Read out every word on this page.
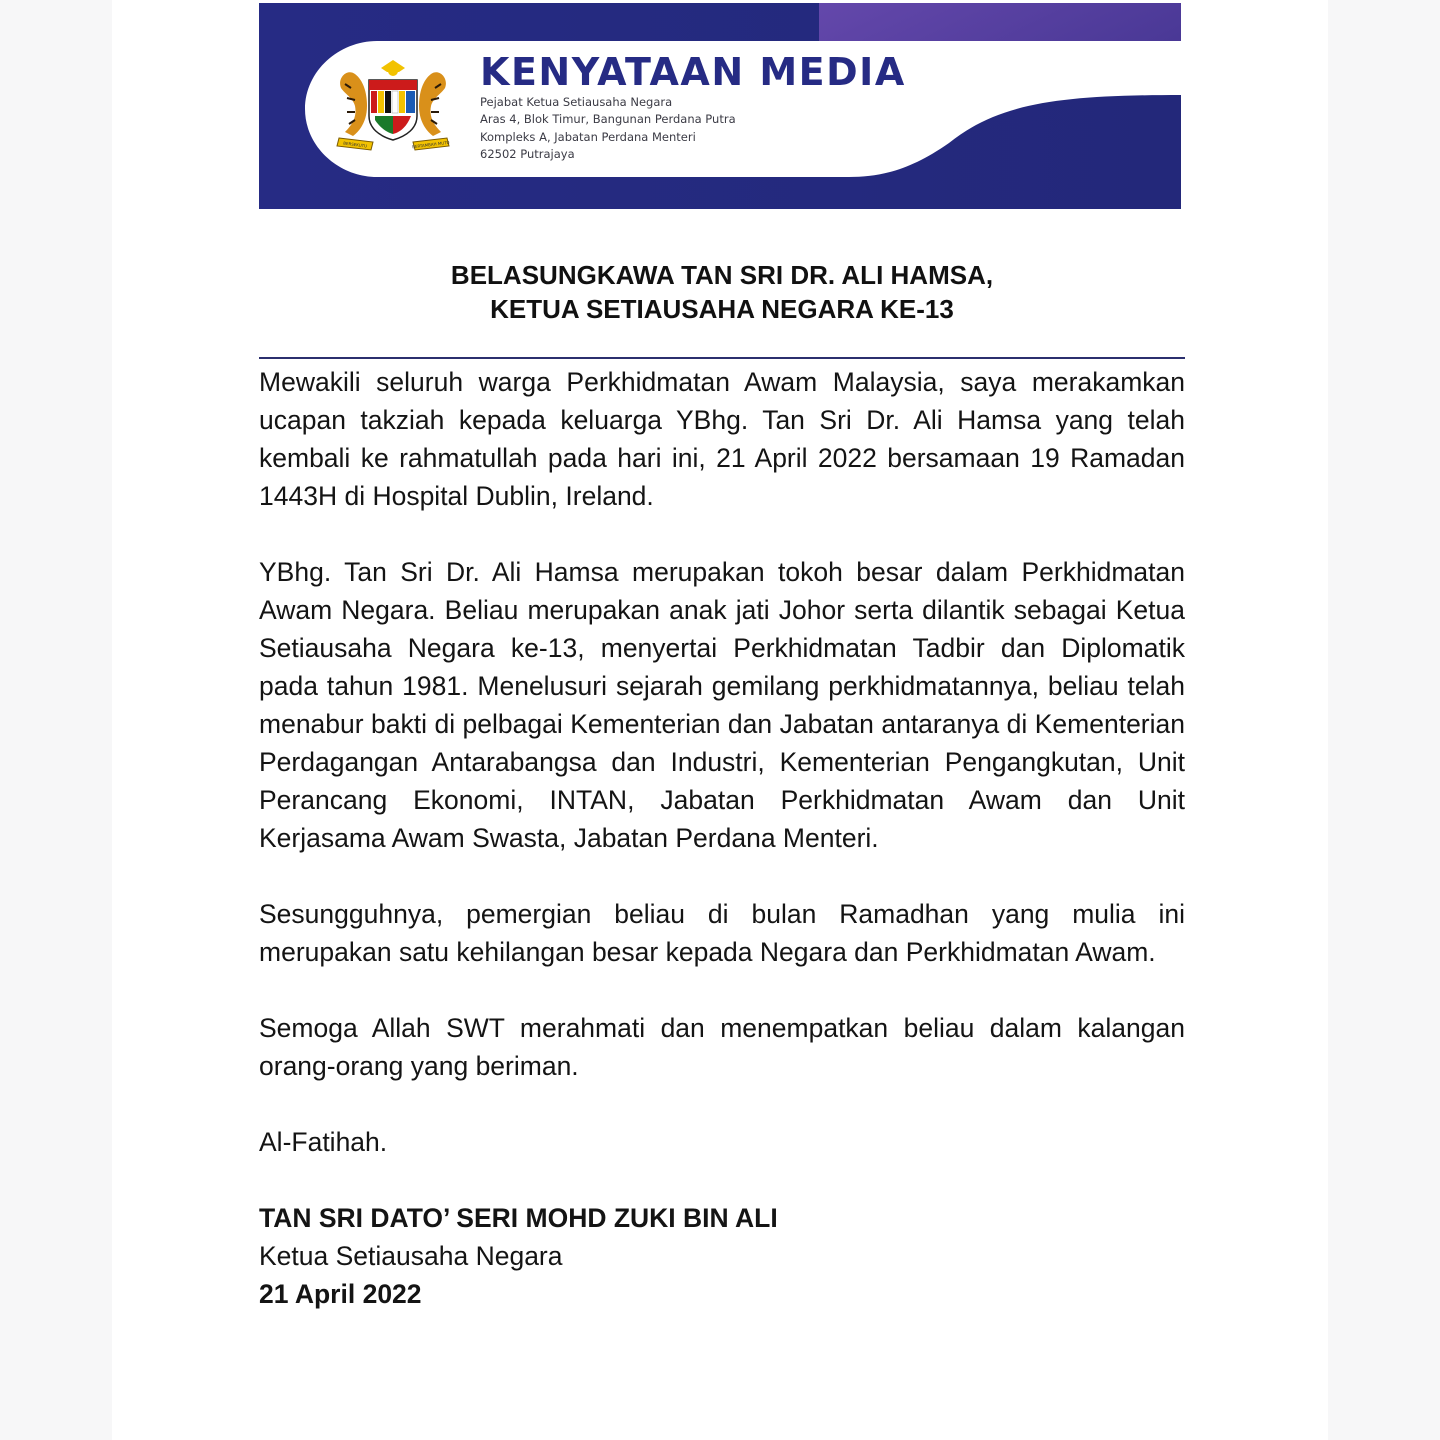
BERSEKUTU	BERTAMBAH MUTU
KENYATAAN MEDIA
Pejabat Ketua Setiausaha Negara
Aras 4, Blok Timur, Bangunan Perdana Putra
Kompleks A, Jabatan Perdana Menteri
62502 Putrajaya
BELASUNGKAWA TAN SRI DR. ALI HAMSA,
KETUA SETIAUSAHA NEGARA KE-13

Mewakili seluruh warga Perkhidmatan Awam Malaysia, saya merakamkan ucapan takziah kepada keluarga YBhg. Tan Sri Dr. Ali Hamsa yang telah kembali ke rahmatullah pada hari ini, 21 April 2022 bersamaan 19 Ramadan 1443H di Hospital Dublin, Ireland.

YBhg. Tan Sri Dr. Ali Hamsa merupakan tokoh besar dalam Perkhidmatan Awam Negara. Beliau merupakan anak jati Johor serta dilantik sebagai Ketua Setiausaha Negara ke-13, menyertai Perkhidmatan Tadbir dan Diplomatik pada tahun 1981. Menelusuri sejarah gemilang perkhidmatannya, beliau telah menabur bakti di pelbagai Kementerian dan Jabatan antaranya di Kementerian Perdagangan Antarabangsa dan Industri, Kementerian Pengangkutan, Unit Perancang Ekonomi, INTAN, Jabatan Perkhidmatan Awam dan Unit Kerjasama Awam Swasta, Jabatan Perdana Menteri.

Sesungguhnya, pemergian beliau di bulan Ramadhan yang mulia ini merupakan satu kehilangan besar kepada Negara dan Perkhidmatan Awam.

Semoga Allah SWT merahmati dan menempatkan beliau dalam kalangan orang-orang yang beriman.

Al-Fatihah.

TAN SRI DATO’ SERI MOHD ZUKI BIN ALI
Ketua Setiausaha Negara
21 April 2022
